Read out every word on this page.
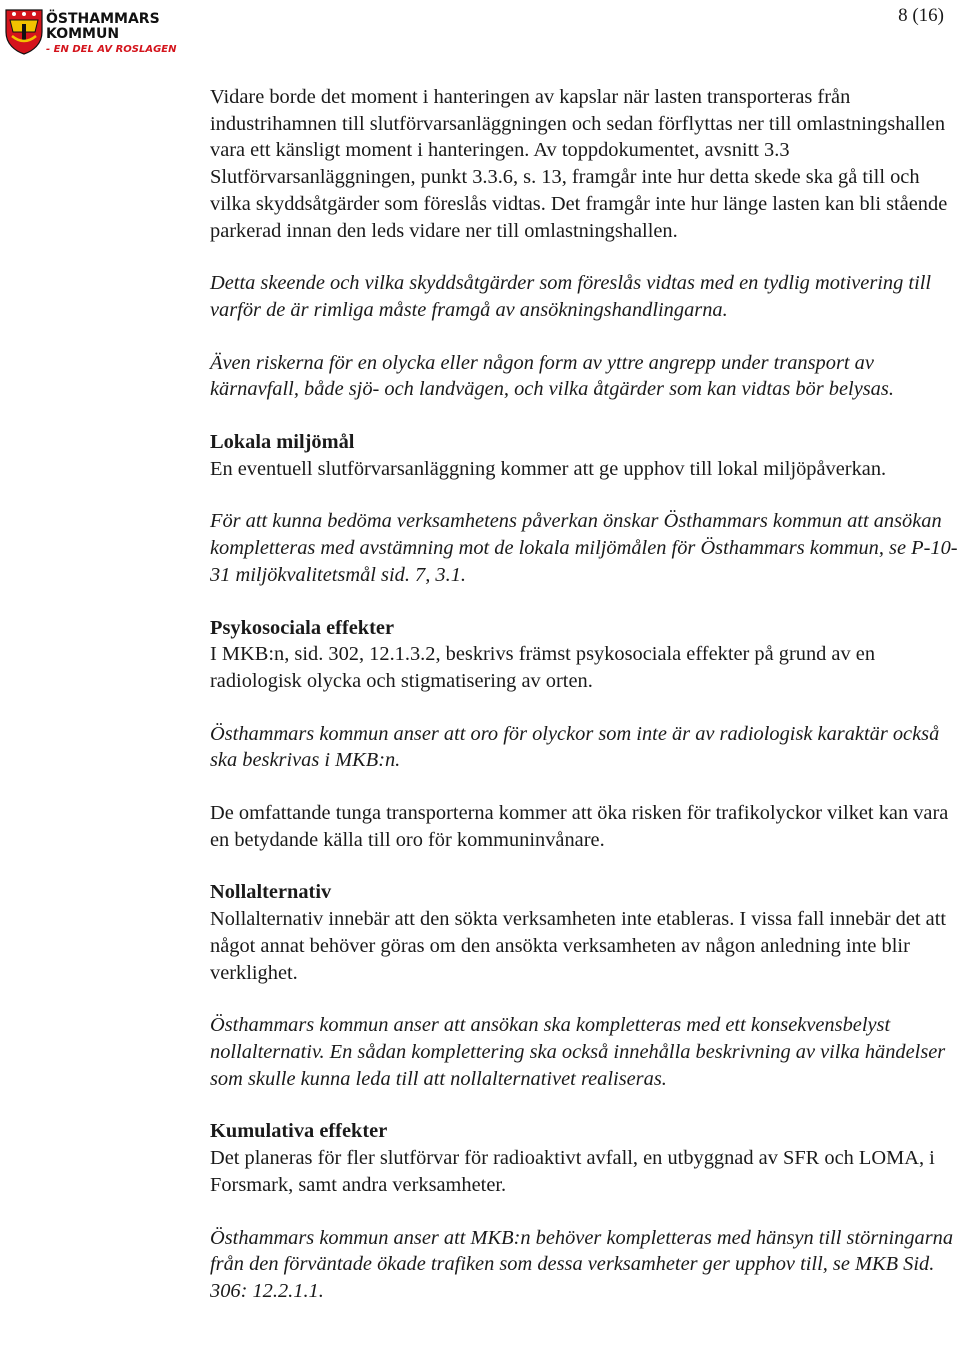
ÖSTHAMMARS
KOMMUN
- EN DEL AV ROSLAGEN
8 (16)

Vidare borde det moment i hanteringen av kapslar när lasten transporteras från industrihamnen till slutförvarsanläggningen och sedan förflyttas ner till omlastningshallen vara ett känsligt moment i hanteringen. Av toppdokumentet, avsnitt 3.3 Slutförvarsanläggningen, punkt 3.3.6, s. 13, framgår inte hur detta skede ska gå till och vilka skyddsåtgärder som föreslås vidtas. Det framgår inte hur länge lasten kan bli stående parkerad innan den leds vidare ner till omlastningshallen.

Detta skeende och vilka skyddsåtgärder som föreslås vidtas med en tydlig motivering till varför de är rimliga måste framgå av ansökningshandlingarna.

Även riskerna för en olycka eller någon form av yttre angrepp under transport av kärnavfall, både sjö- och landvägen, och vilka åtgärder som kan vidtas bör belysas.

Lokala miljömål

En eventuell slutförvarsanläggning kommer att ge upphov till lokal miljöpåverkan.

För att kunna bedöma verksamhetens påverkan önskar Östhammars kommun att ansökan kompletteras med avstämning mot de lokala miljömålen för Östhammars kommun, se P-10-31 miljökvalitetsmål sid. 7, 3.1.

Psykosociala effekter

I MKB:n, sid. 302, 12.1.3.2, beskrivs främst psykosociala effekter på grund av en radiologisk olycka och stigmatisering av orten.

Östhammars kommun anser att oro för olyckor som inte är av radiologisk karaktär också ska beskrivas i MKB:n.

De omfattande tunga transporterna kommer att öka risken för trafikolyckor vilket kan vara en betydande källa till oro för kommuninvånare.

Nollalternativ

Nollalternativ innebär att den sökta verksamheten inte etableras. I vissa fall innebär det att något annat behöver göras om den ansökta verksamheten av någon anledning inte blir verklighet.

Östhammars kommun anser att ansökan ska kompletteras med ett konsekvensbelyst nollalternativ. En sådan komplettering ska också innehålla beskrivning av vilka händelser som skulle kunna leda till att nollalternativet realiseras.

Kumulativa effekter

Det planeras för fler slutförvar för radioaktivt avfall, en utbyggnad av SFR och LOMA, i Forsmark, samt andra verksamheter.

Östhammars kommun anser att MKB:n behöver kompletteras med hänsyn till störningarna från den förväntade ökade trafiken som dessa verksamheter ger upphov till, se MKB Sid. 306: 12.2.1.1.
